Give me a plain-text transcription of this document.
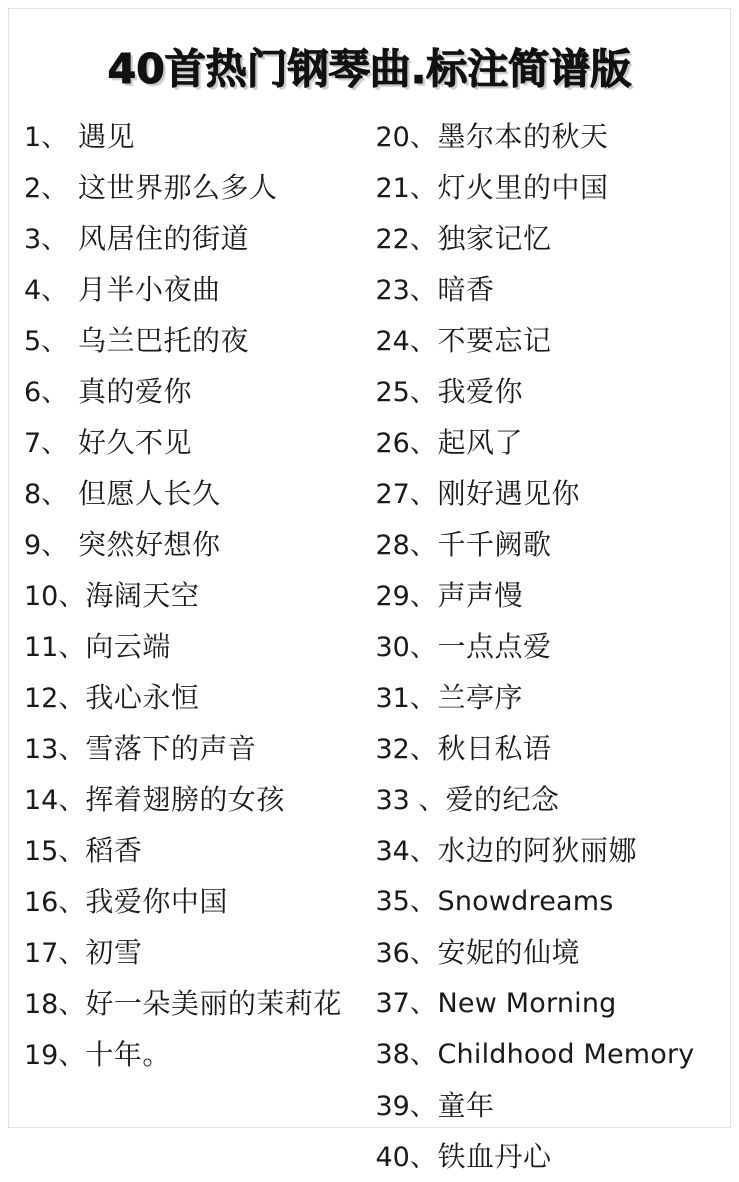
40首热门钢琴曲.标注简谱版
1、 遇见
2、 这世界那么多人
3、 风居住的街道
4、 月半小夜曲
5、 乌兰巴托的夜
6、 真的爱你
7、 好久不见
8、 但愿人长久
9、 突然好想你
10、 海阔天空
11、 向云端
12、 我心永恒
13、 雪落下的声音
14、 挥着翅膀的女孩
15、 稻香
16、 我爱你中国
17、 初雪
18、 好一朵美丽的茉莉花
19、 十年。
20、 墨尔本的秋天
21、 灯火里的中国
22、 独家记忆
23、 暗香
24、 不要忘记
25、 我爱你
26、 起风了
27、 刚好遇见你
28、 千千阙歌
29、 声声慢
30、 一点点爱
31、 兰亭序
32、 秋日私语
33 、 爱的纪念
34、 水边的阿狄丽娜
35、 Snowdreams
36、 安妮的仙境
37、 New Morning
38、 Childhood Memory
39、 童年
40、 铁血丹心
